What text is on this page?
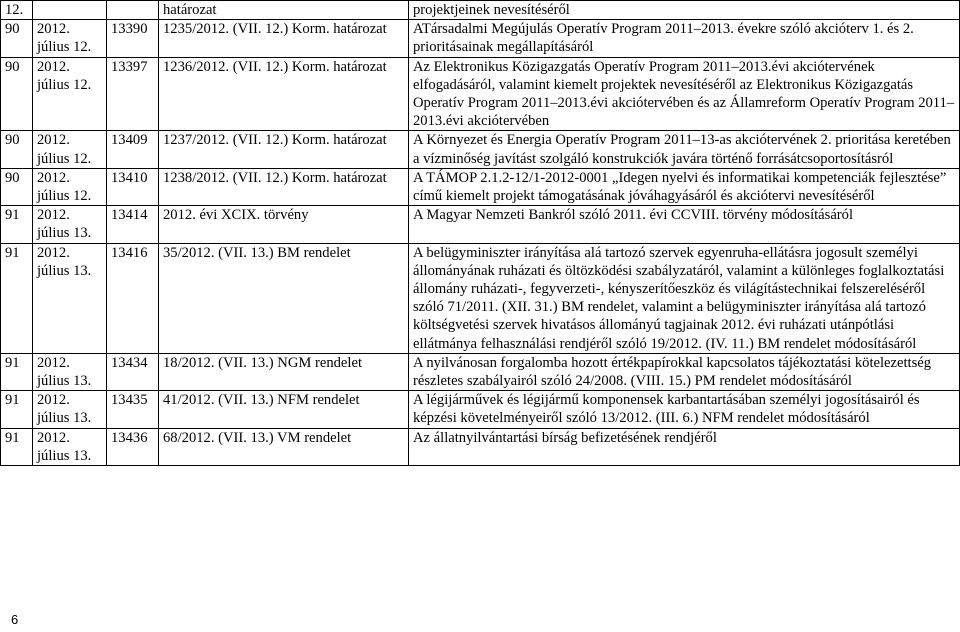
12.			határozat	projektjeinek nevesítéséről
90	2012. július 12.	13390	1235/2012. (VII. 12.) Korm. határozat	ATársadalmi Megújulás Operatív Program 2011–2013. évekre szóló akcióterv 1. és 2. prioritásainak megállapításáról
90	2012. július 12.	13397	1236/2012. (VII. 12.) Korm. határozat	Az Elektronikus Közigazgatás Operatív Program 2011–2013.évi akciótervének elfogadásáról, valamint kiemelt projektek nevesítéséről az Elektronikus Közigazgatás Operatív Program 2011–2013.évi akciótervében és az Államreform Operatív Program 2011–2013.évi akciótervében
90	2012. július 12.	13409	1237/2012. (VII. 12.) Korm. határozat	A Környezet és Energia Operatív Program 2011–13-as akciótervének 2. prioritása keretében a vízminőség javítást szolgáló konstrukciók javára történő forrásátcsoportosításról
90	2012. július 12.	13410	1238/2012. (VII. 12.) Korm. határozat	A TÁMOP 2.1.2-12/1-2012-0001 „Idegen nyelvi és informatikai kompetenciák fejlesztése” című kiemelt projekt támogatásának jóváhagyásáról és akciótervi nevesítéséről
91	2012. július 13.	13414	2012. évi XCIX. törvény	A Magyar Nemzeti Bankról szóló 2011. évi CCVIII. törvény módosításáról
91	2012. július 13.	13416	35/2012. (VII. 13.) BM rendelet	A belügyminiszter irányítása alá tartozó szervek egyenruha-ellátásra jogosult személyi állományának ruházati és öltözködési szabályzatáról, valamint a különleges foglalkoztatási állomány ruházati-, fegyverzeti-, kényszerítőeszköz és világítástechnikai felszereléséről szóló 71/2011. (XII. 31.) BM rendelet, valamint a belügyminiszter irányítása alá tartozó költségvetési szervek hivatásos állományú tagjainak 2012. évi ruházati utánpótlási ellátmánya felhasználási rendjéről szóló 19/2012. (IV. 11.) BM rendelet módosításáról
91	2012. július 13.	13434	18/2012. (VII. 13.) NGM rendelet	A nyilvánosan forgalomba hozott értékpapírokkal kapcsolatos tájékoztatási kötelezettség részletes szabályairól szóló 24/2008. (VIII. 15.) PM rendelet módosításáról
91	2012. július 13.	13435	41/2012. (VII. 13.) NFM rendelet	A légijárművek és légijármű komponensek karbantartásában személyi jogosításairól és képzési követelményeiről szóló 13/2012. (III. 6.) NFM rendelet módosításáról
91	2012. július 13.	13436	68/2012. (VII. 13.) VM rendelet	Az állatnyilvántartási bírság befizetésének rendjéről
6
